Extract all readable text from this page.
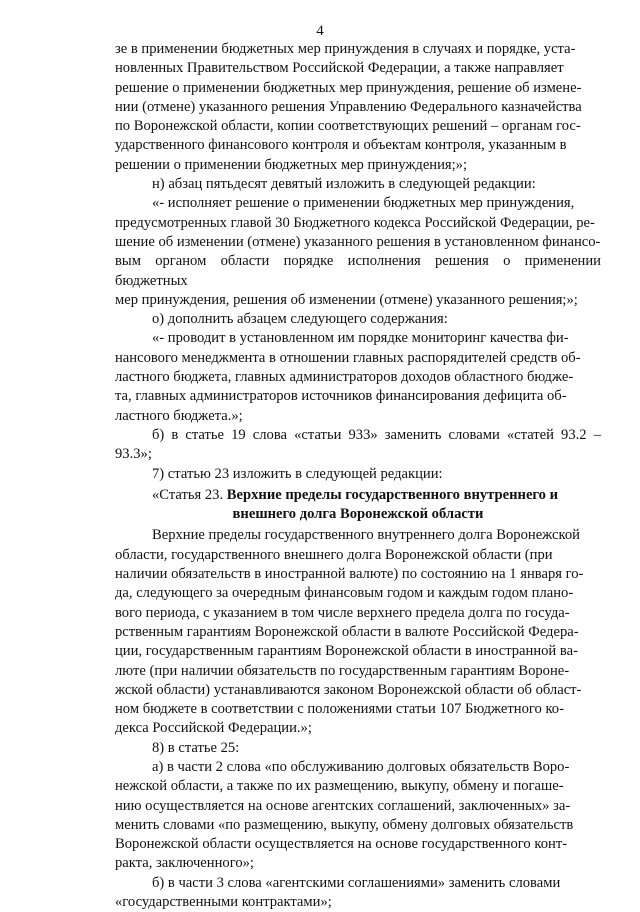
4

зе в применении бюджетных мер принуждения в случаях и порядке, уста-
новленных Правительством Российской Федерации, а также направляет
решение о применении бюджетных мер принуждения, решение об измене-
нии (отмене) указанного решения Управлению Федерального казначейства
по Воронежской области, копии соответствующих решений – органам гос-
ударственного финансового контроля и объектам контроля, указанным в
решении о применении бюджетных мер принуждения;»;

н) абзац пятьдесят девятый изложить в следующей редакции:

«- исполняет решение о применении бюджетных мер принуждения,
предусмотренных главой 30 Бюджетного кодекса Российской Федерации, ре-
шение об изменении (отмене) указанного решения в установленном финансо-
вым органом области порядке исполнения решения о применении бюджетных
мер принуждения, решения об изменении (отмене) указанного решения;»;

о) дополнить абзацем следующего содержания:

«- проводит в установленном им порядке мониторинг качества фи-
нансового менеджмента в отношении главных распорядителей средств об-
ластного бюджета, главных администраторов доходов областного бюдже-
та, главных администраторов источников финансирования дефицита об-
ластного бюджета.»;

б) в статье 19 слова «статьи 933» заменить словами «статей 93.2 – 93.3»;

7) статью 23 изложить в следующей редакции:

«Статья 23. Верхние пределы государственного внутреннего и

внешнего долга Воронежской области

Верхние пределы государственного внутреннего долга Воронежской
области, государственного внешнего долга Воронежской области (при
наличии обязательств в иностранной валюте) по состоянию на 1 января го-
да, следующего за очередным финансовым годом и каждым годом плано-
вого периода, с указанием в том числе верхнего предела долга по госуда-
рственным гарантиям Воронежской области в валюте Российской Федера-
ции, государственным гарантиям Воронежской области в иностранной ва-
люте (при наличии обязательств по государственным гарантиям Вороне-
жской области) устанавливаются законом Воронежской области об област-
ном бюджете в соответствии с положениями статьи 107 Бюджетного ко-
декса Российской Федерации.»;

8) в статье 25:

а) в части 2 слова «по обслуживанию долговых обязательств Воро-
нежской области, а также по их размещению, выкупу, обмену и погаше-
нию осуществляется на основе агентских соглашений, заключенных» за-
менить словами «по размещению, выкупу, обмену долговых обязательств
Воронежской области осуществляется на основе государственного конт-
ракта, заключенного»;

б) в части 3 слова «агентскими соглашениями» заменить словами
«государственными контрактами»;
